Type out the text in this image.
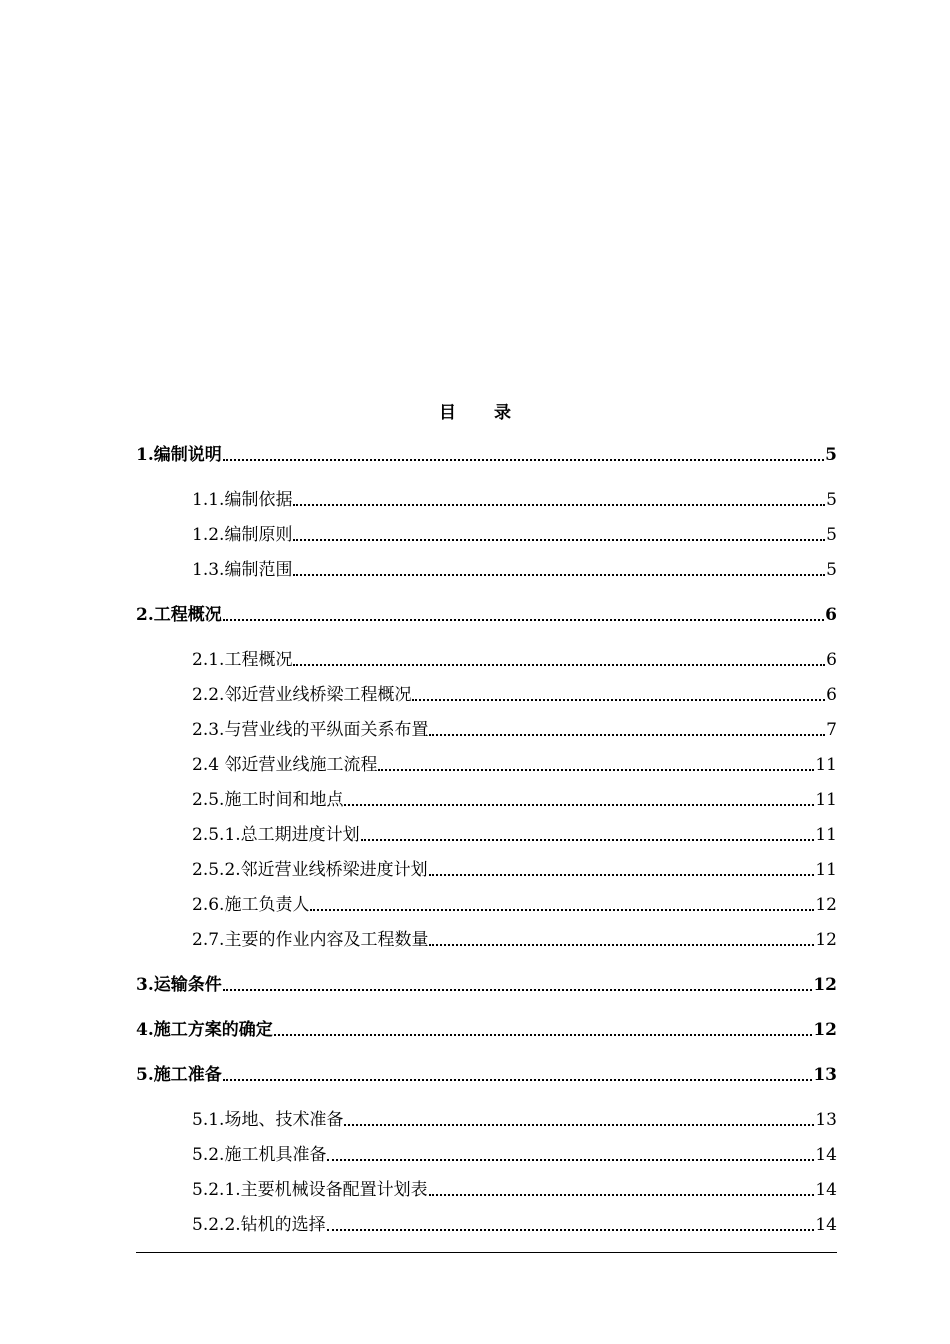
目 录
1.编制说明	5
1.1.编制依据	5
1.2.编制原则	5
1.3.编制范围	5
2.工程概况	6
2.1.工程概况	6
2.2.邻近营业线桥梁工程概况	6
2.3.与营业线的平纵面关系布置	7
2.4 邻近营业线施工流程	11
2.5.施工时间和地点	11
2.5.1.总工期进度计划	11
2.5.2.邻近营业线桥梁进度计划	11
2.6.施工负责人	12
2.7.主要的作业内容及工程数量	12
3.运输条件	12
4.施工方案的确定	12
5.施工准备	13
5.1.场地、技术准备	13
5.2.施工机具准备	14
5.2.1.主要机械设备配置计划表	14
5.2.2.钻机的选择	14
